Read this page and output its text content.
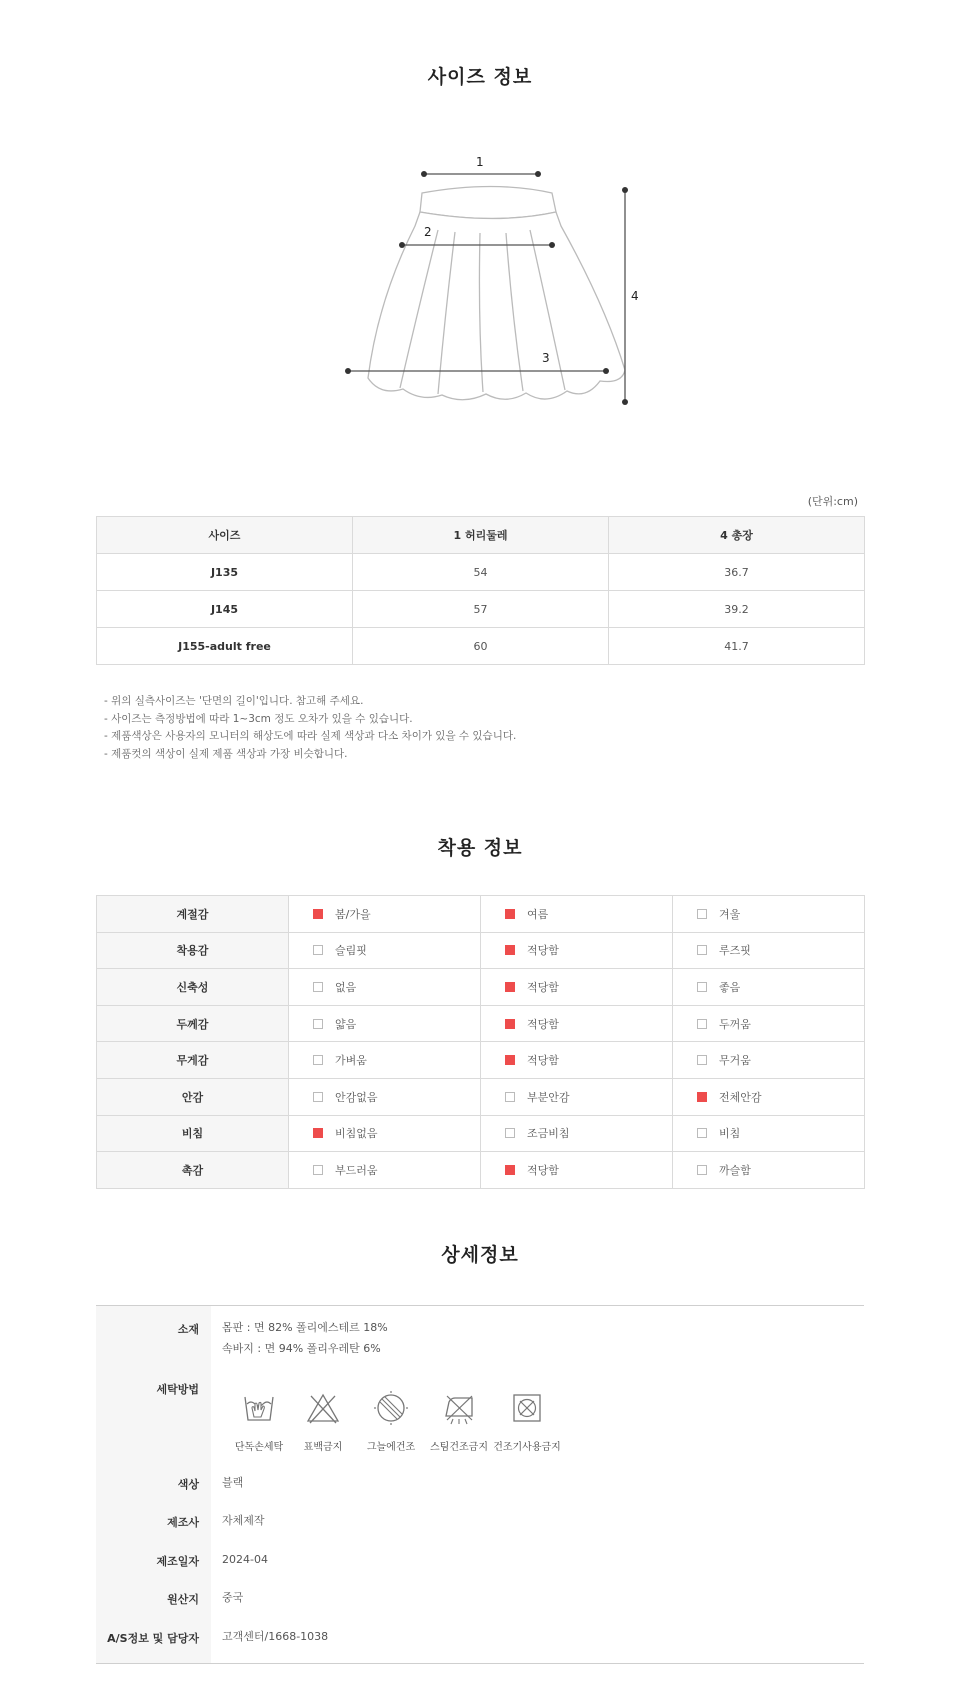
사이즈 정보
1
2
3
4
(단위:cm)
사이즈	1 허리둘레	4 총장
J135	54	36.7
J145	57	39.2
J155-adult free	60	41.7
- 위의 실측사이즈는 '단면의 길이'입니다. 참고해 주세요.
- 사이즈는 측정방법에 따라 1~3cm 정도 오차가 있을 수 있습니다.
- 제품색상은 사용자의 모니터의 해상도에 따라 실제 색상과 다소 차이가 있을 수 있습니다.
- 제품컷의 색상이 실제 제품 색상과 가장 비슷합니다.
착용 정보
계절감	봄/가을	여름	겨울
착용감	슬림핏	적당함	루즈핏
신축성	없음	적당함	좋음
두께감	얇음	적당함	두꺼움
무게감	가벼움	적당함	무거움
안감	안감없음	부분안감	전체안감
비침	비침없음	조금비침	비침
촉감	부드러움	적당함	까슬함
상세정보
소재 몸판 : 면 82% 폴리에스테르 18%
속바지 : 면 94% 폴리우레탄 6%
세탁방법
단독손세탁	표백금지	그늘에건조	스팀건조금지 건조기사용금지
색상 블랙
제조사 자체제작
제조일자 2024-04
원산지 중국
A/S정보 및 담당자 고객센터/1668-1038
